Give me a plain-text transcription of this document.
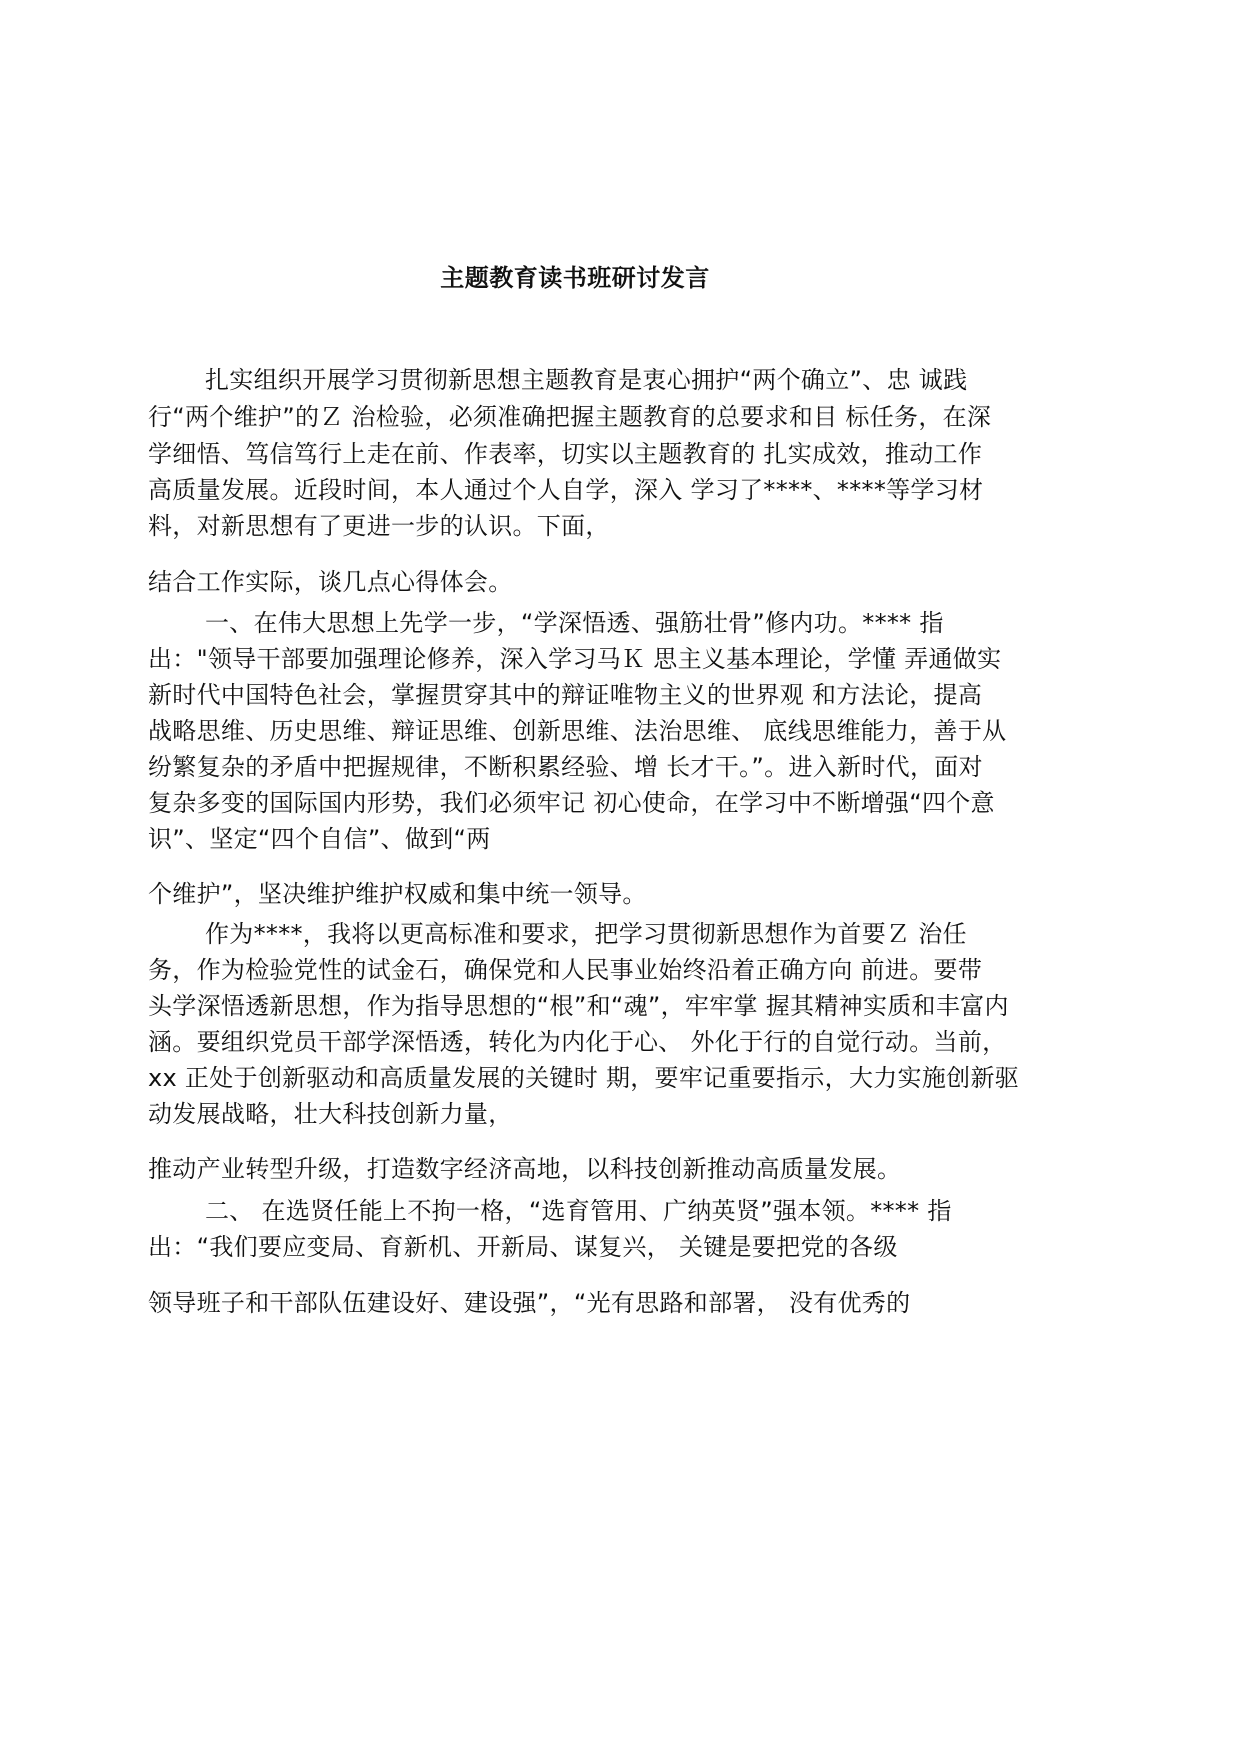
主题教育读书班研讨发言
扎实组织开展学习贯彻新思想主题教育是衷心拥护“两个确立”、忠 诚践
行“两个维护”的Ｚ 治检验，必须准确把握主题教育的总要求和目 标任务，在深
学细悟、笃信笃行上走在前、作表率，切实以主题教育的 扎实成效，推动工作
高质量发展。近段时间，本人通过个人自学，深入 学习了****、****等学习材
料，对新思想有了更进一步的认识。下面，
结合工作实际，谈几点心得体会。
一、在伟大思想上先学一步，“学深悟透、强筋壮骨”修内功。**** 指
出："领导干部要加强理论修养，深入学习马Ｋ 思主义基本理论，学懂 弄通做实
新时代中国特色社会，掌握贯穿其中的辩证唯物主义的世界观 和方法论，提高
战略思维、历史思维、辩证思维、创新思维、法治思维、 底线思维能力，善于从
纷繁复杂的矛盾中把握规律，不断积累经验、增 长才干。”。进入新时代，面对
复杂多变的国际国内形势，我们必须牢记 初心使命，在学习中不断增强“四个意
识”、坚定“四个自信”、做到“两
个维护”，坚决维护维护权威和集中统一领导。
作为****，我将以更高标准和要求，把学习贯彻新思想作为首要Ｚ 治任
务，作为检验党性的试金石，确保党和人民事业始终沿着正确方向 前进。要带
头学深悟透新思想，作为指导思想的“根”和“魂”，牢牢掌 握其精神实质和丰富内
涵。要组织党员干部学深悟透，转化为内化于心、 外化于行的自觉行动。当前，
xx 正处于创新驱动和高质量发展的关键时 期，要牢记重要指示，大力实施创新驱
动发展战略，壮大科技创新力量，
推动产业转型升级，打造数字经济高地，以科技创新推动高质量发展。
二、 在选贤任能上不拘一格，“选育管用、广纳英贤”强本领。**** 指
出：“我们要应变局、育新机、开新局、谋复兴， 关键是要把党的各级
领导班子和干部队伍建设好、建设强”，“光有思路和部署， 没有优秀的
